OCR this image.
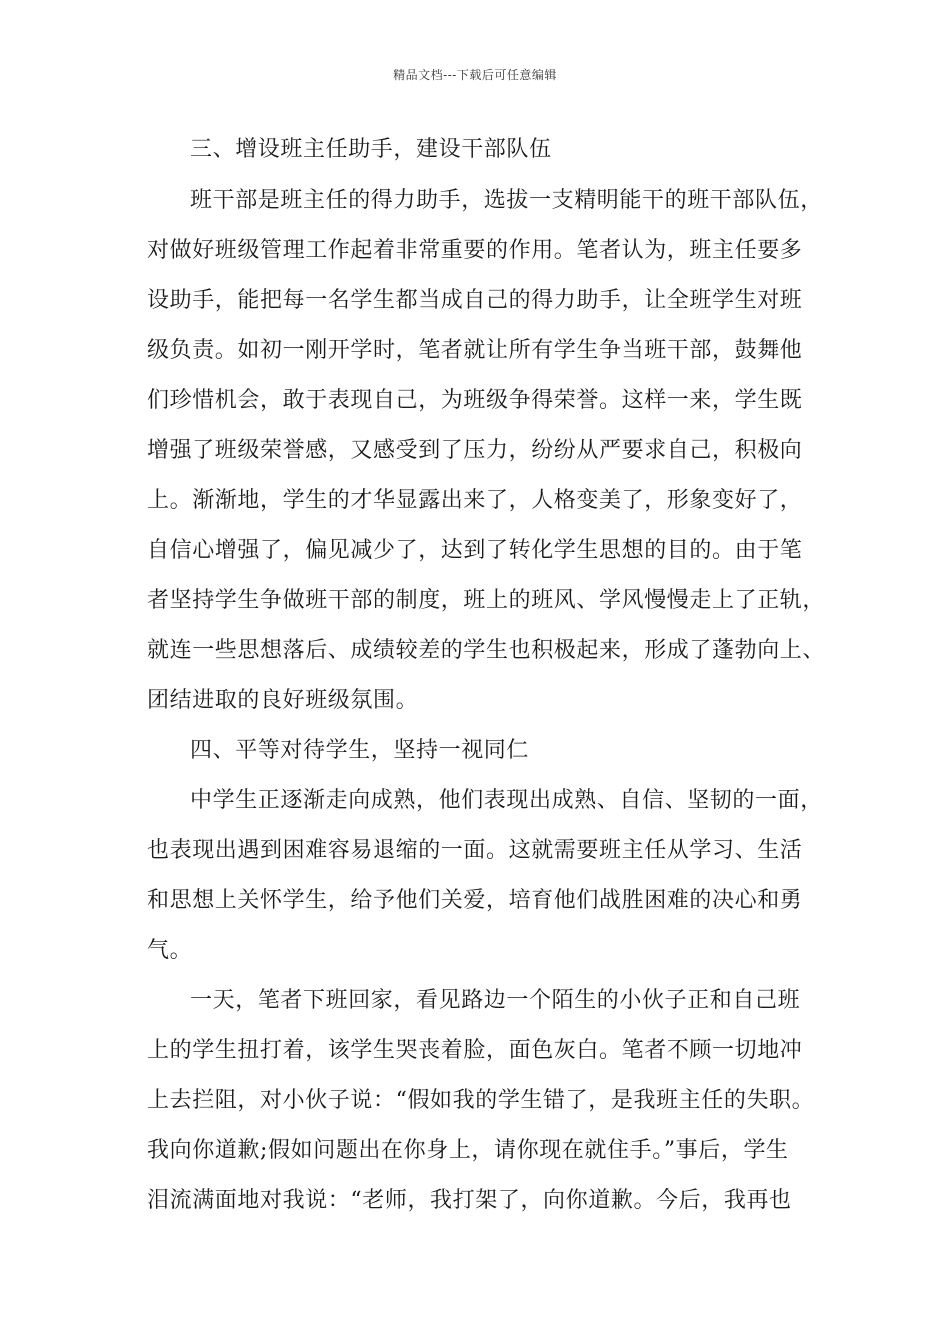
精品文档---下载后可任意编辑
三、增设班主任助手，建设干部队伍
班干部是班主任的得力助手，选拔一支精明能干的班干部队伍，
对做好班级管理工作起着非常重要的作用。笔者认为，班主任要多
设助手，能把每一名学生都当成自己的得力助手，让全班学生对班
级负责。如初一刚开学时，笔者就让所有学生争当班干部，鼓舞他
们珍惜机会，敢于表现自己，为班级争得荣誉。这样一来，学生既
增强了班级荣誉感，又感受到了压力，纷纷从严要求自己，积极向
上。渐渐地，学生的才华显露出来了，人格变美了，形象变好了，
自信心增强了，偏见减少了，达到了转化学生思想的目的。由于笔
者坚持学生争做班干部的制度，班上的班风、学风慢慢走上了正轨，
就连一些思想落后、成绩较差的学生也积极起来，形成了蓬勃向上、
团结进取的良好班级氛围。
四、平等对待学生，坚持一视同仁
中学生正逐渐走向成熟，他们表现出成熟、自信、坚韧的一面，
也表现出遇到困难容易退缩的一面。这就需要班主任从学习、生活
和思想上关怀学生，给予他们关爱，培育他们战胜困难的决心和勇
气。
一天，笔者下班回家，看见路边一个陌生的小伙子正和自己班
上的学生扭打着，该学生哭丧着脸，面色灰白。笔者不顾一切地冲
上去拦阻，对小伙子说：“假如我的学生错了，是我班主任的失职。
我向你道歉;假如问题出在你身上，请你现在就住手。”事后，学生
泪流满面地对我说：“老师，我打架了，向你道歉。今后，我再也
